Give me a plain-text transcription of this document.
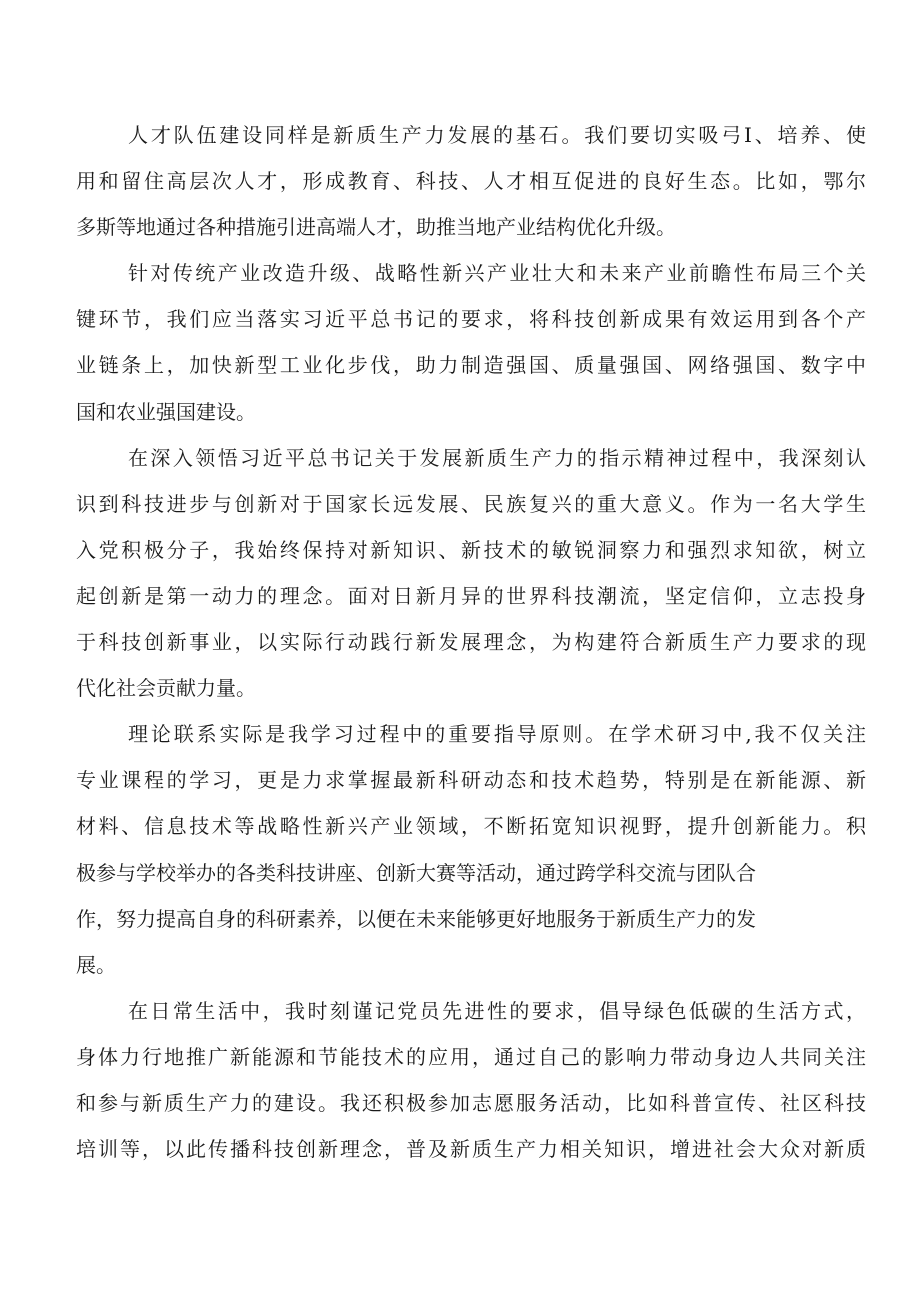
人才队伍建设同样是新质生产力发展的基石。我们要切实吸弓I、培养、使
用和留住高层次人才，形成教育、科技、人才相互促进的良好生态。比如，鄂尔
多斯等地通过各种措施引进高端人才，助推当地产业结构优化升级。
针对传统产业改造升级、战略性新兴产业壮大和未来产业前瞻性布局三个关
键环节，我们应当落实习近平总书记的要求，将科技创新成果有效运用到各个产
业链条上，加快新型工业化步伐，助力制造强国、质量强国、网络强国、数字中
国和农业强国建设。
在深入领悟习近平总书记关于发展新质生产力的指示精神过程中，我深刻认
识到科技进步与创新对于国家长远发展、民族复兴的重大意义。作为一名大学生
入党积极分子，我始终保持对新知识、新技术的敏锐洞察力和强烈求知欲，树立
起创新是第一动力的理念。面对日新月异的世界科技潮流，坚定信仰，立志投身
于科技创新事业，以实际行动践行新发展理念，为构建符合新质生产力要求的现
代化社会贡献力量。
理论联系实际是我学习过程中的重要指导原则。在学术研习中,我不仅关注
专业课程的学习，更是力求掌握最新科研动态和技术趋势，特别是在新能源、新
材料、信息技术等战略性新兴产业领域，不断拓宽知识视野，提升创新能力。积
极参与学校举办的各类科技讲座、创新大赛等活动，通过跨学科交流与团队合
作，努力提高自身的科研素养，以便在未来能够更好地服务于新质生产力的发
展。
在日常生活中，我时刻谨记党员先进性的要求，倡导绿色低碳的生活方式，
身体力行地推广新能源和节能技术的应用，通过自己的影响力带动身边人共同关注
和参与新质生产力的建设。我还积极参加志愿服务活动，比如科普宣传、社区科技
培训等，以此传播科技创新理念，普及新质生产力相关知识，增进社会大众对新质
